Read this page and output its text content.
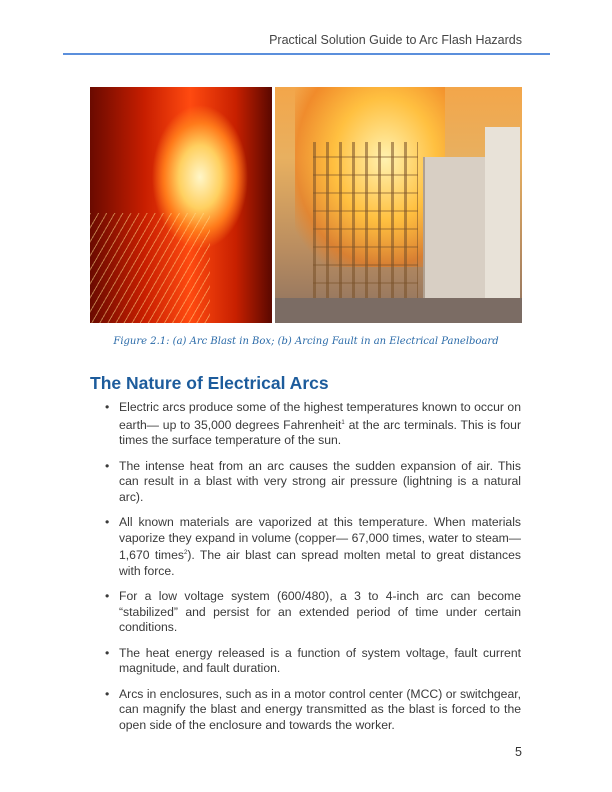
Practical Solution Guide to Arc Flash Hazards
Figure 2.1: (a) Arc Blast in Box; (b) Arcing Fault in an Electrical Panelboard
The Nature of Electrical Arcs
• Electric arcs produce some of the highest temperatures known to occur on earth— up to 35,000 degrees Fahrenheit$^1$ at the arc terminals. This is four times the surface temperature of the sun.
• The intense heat from an arc causes the sudden expansion of air. This can result in a blast with very strong air pressure (lightning is a natural arc).
• All known materials are vaporized at this temperature. When materials vaporize they expand in volume (copper— 67,000 times, water to steam—1,670 times$^2$). The air blast can spread molten metal to great distances with force.
• For a low voltage system (600/480), a 3 to 4-inch arc can become “stabilized” and persist for an extended period of time under certain conditions.
• The heat energy released is a function of system voltage, fault current magnitude, and fault duration.
• Arcs in enclosures, such as in a motor control center (MCC) or switchgear, can magnify the blast and energy transmitted as the blast is forced to the open side of the enclosure and towards the worker.
5
